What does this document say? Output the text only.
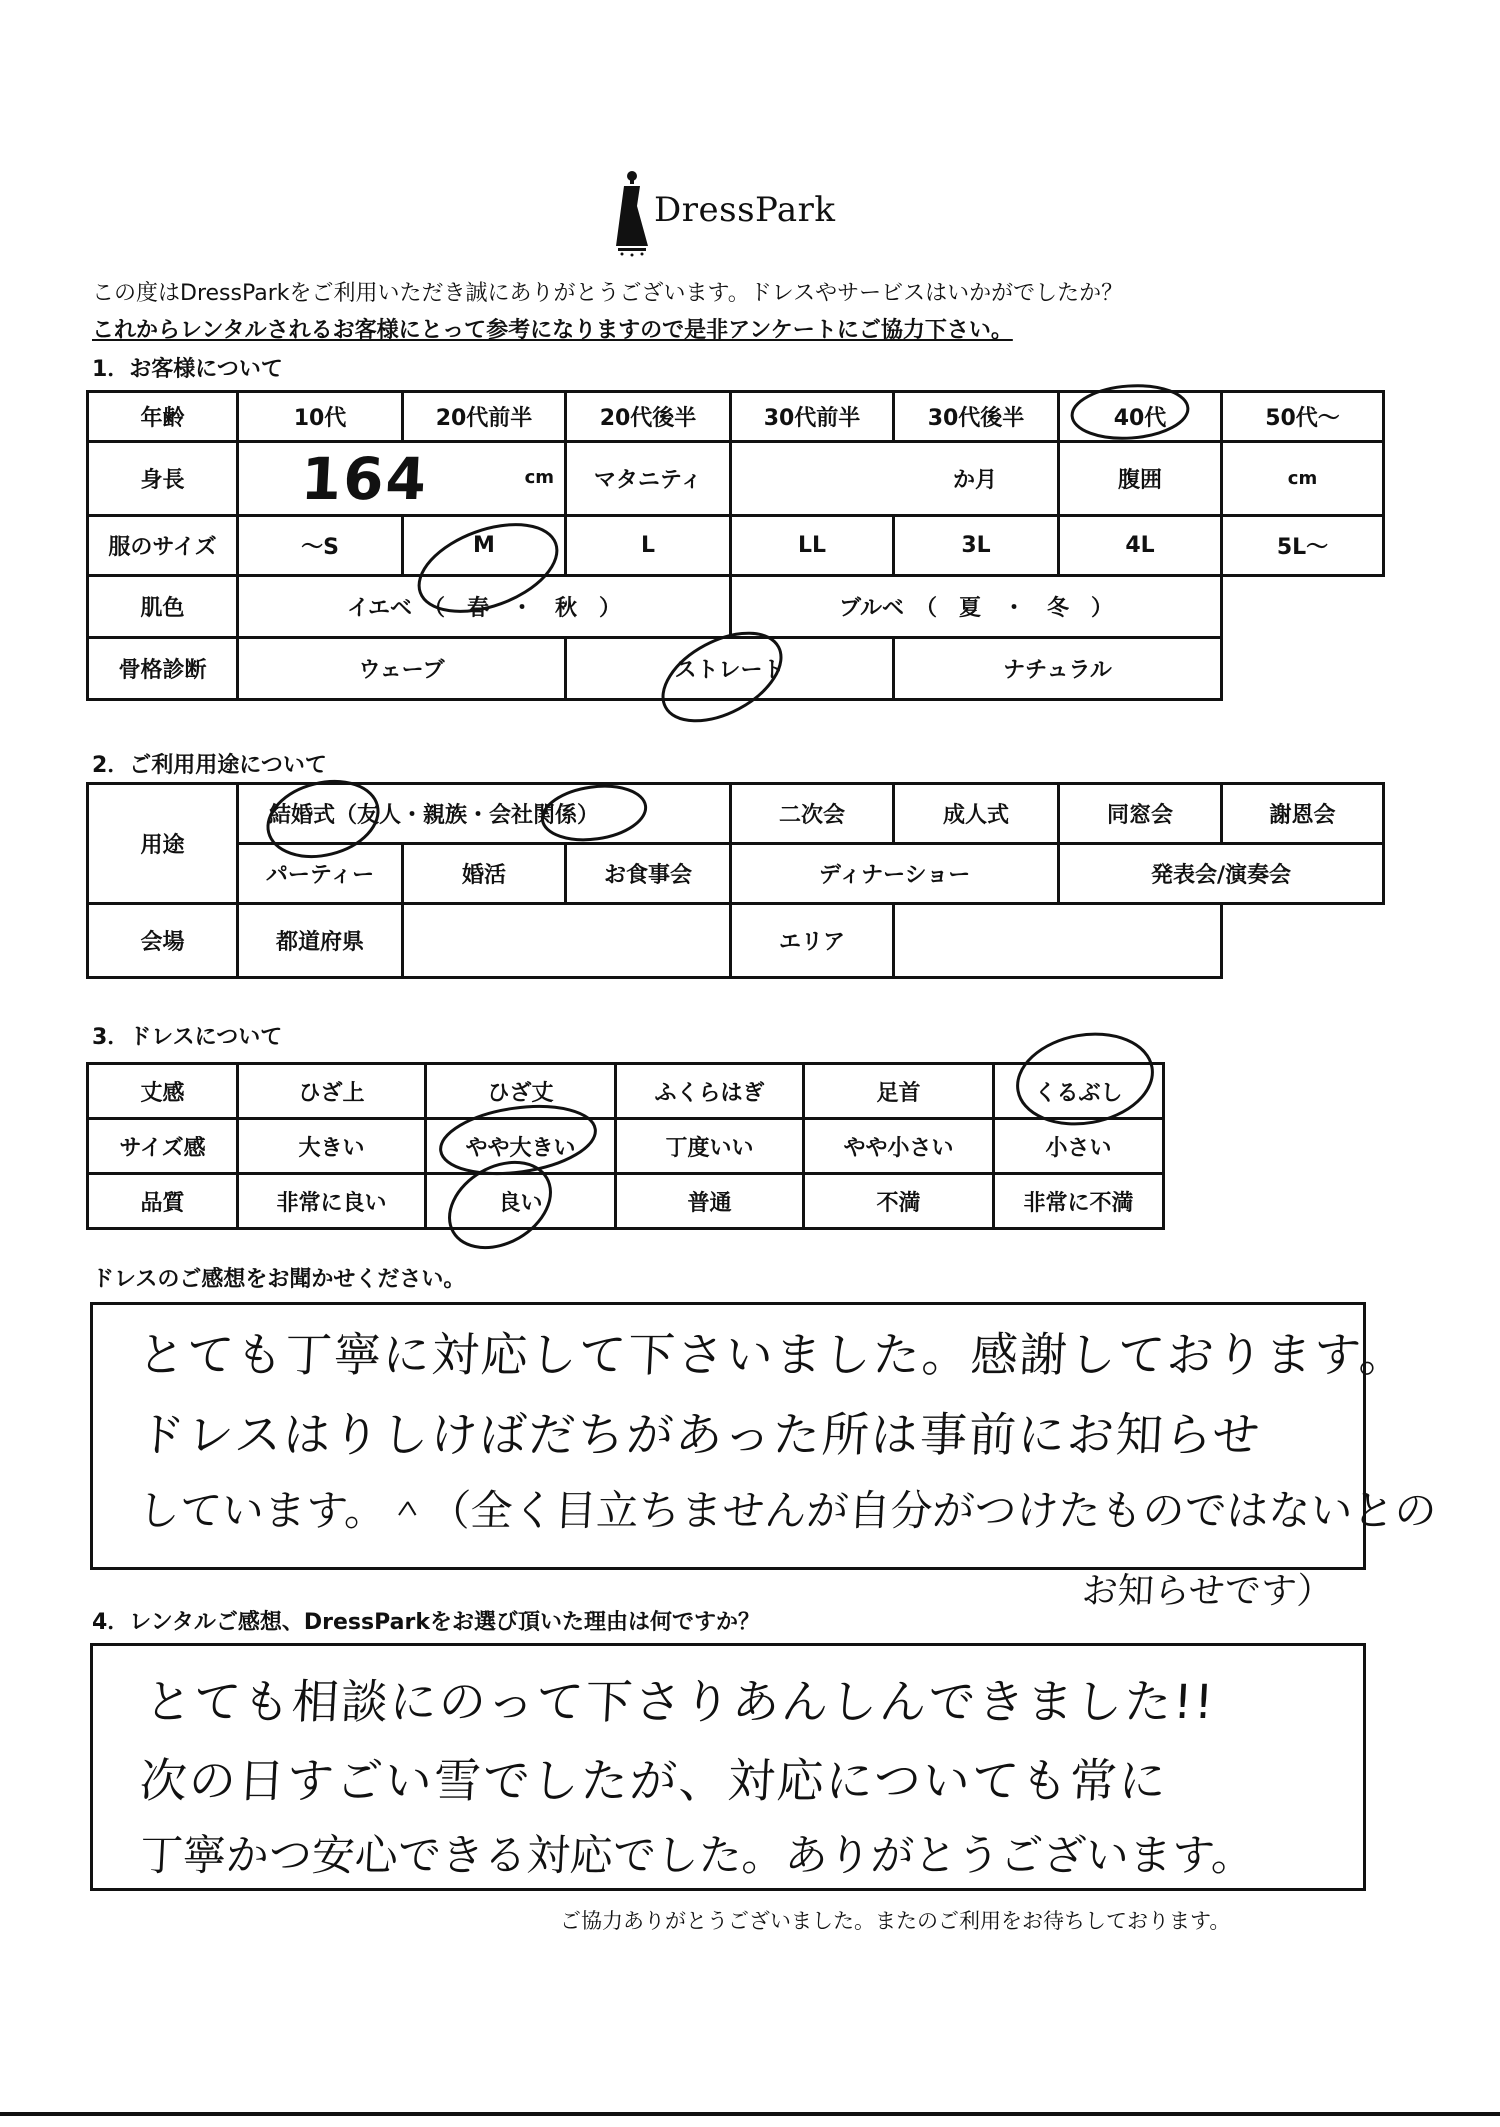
DressPark
この度はDressParkをご利用いただき誠にありがとうございます。ドレスやサービスはいかがでしたか？
これからレンタルされるお客様にとって参考になりますので是非アンケートにご協力下さい。
1．お客様について
年齢	10代	20代前半	20代後半	30代前半	30代後半	40代	50代～
身長	164 cm		マタニティ	か月		腹囲	cm
服のサイズ	～S	M	L	LL	3L	4L	5L～
肌色	イエベ　（　春　・　秋　）			ブルベ　（　夏　・　冬　）			
骨格診断	ウェーブ		ストレート		ナチュラル		
2．ご利用用途について
用途	結婚式（友人・親族・会社関係）			二次会	成人式	同窓会	謝恩会
	パーティー	婚活	お食事会	ディナーショー		発表会/演奏会	
会場	都道府県			エリア			
3．ドレスについて
丈感	ひざ上	ひざ丈	ふくらはぎ	足首	くるぶし
サイズ感	大きい	やや大きい	丁度いい	やや小さい	小さい
品質	非常に良い	良い	普通	不満	非常に不満
ドレスのご感想をお聞かせください。
とても丁寧に対応して下さいました。感謝しております。
ドレスはりしけばだちがあった所は事前にお知らせ
しています。＾（全く目立ちませんが自分がつけたものではないとの
お知らせです）
4．レンタルご感想、DressParkをお選び頂いた理由は何ですか？
とても相談にのって下さりあんしんできました!!
次の日すごい雪でしたが、対応についても常に
丁寧かつ安心できる対応でした。ありがとうございます。
ご協力ありがとうございました。またのご利用をお待ちしております。
